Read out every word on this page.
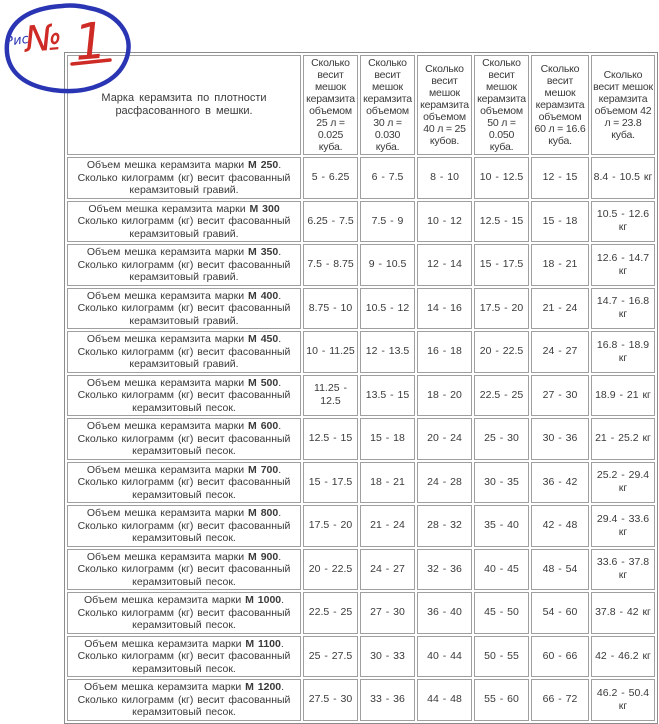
Марка керамзита по плотности расфасованного в мешки.	Сколько весит мешок керамзита объемом 25 л = 0.025 куба.	Сколько весит мешок керамзита объемом 30 л = 0.030 куба.	Сколько весит мешок керамзита объемом 40 л = 25 кубов.	Сколько весит мешок керамзита объемом 50 л = 0.050 куба.	Сколько весит мешок керамзита объемом 60 л = 16.6 куба.	Сколько весит мешок керамзита объемом 42 л = 23.8 куба.
Объем мешка керамзита марки М 250. Сколько килограмм (кг) весит фасованный керамзитовый гравий.	5 - 6.25	6 - 7.5	8 - 10	10 - 12.5	12 - 15	8.4 - 10.5 кг
Объем мешка керамзита марки М 300 Сколько килограмм (кг) весит фасованный керамзитовый гравий.	6.25 - 7.5	7.5 - 9	10 - 12	12.5 - 15	15 - 18	10.5 - 12.6 кг
Объем мешка керамзита марки М 350. Сколько килограмм (кг) весит фасованный керамзитовый гравий.	7.5 - 8.75	9 - 10.5	12 - 14	15 - 17.5	18 - 21	12.6 - 14.7 кг
Объем мешка керамзита марки М 400. Сколько килограмм (кг) весит фасованный керамзитовый гравий.	8.75 - 10	10.5 - 12	14 - 16	17.5 - 20	21 - 24	14.7 - 16.8 кг
Объем мешка керамзита марки М 450. Сколько килограмм (кг) весит фасованный керамзитовый гравий.	10 - 11.25	12 - 13.5	16 - 18	20 - 22.5	24 - 27	16.8 - 18.9 кг
Объем мешка керамзита марки М 500. Сколько килограмм (кг) весит фасованный керамзитовый песок.	11.25 - 12.5	13.5 - 15	18 - 20	22.5 - 25	27 - 30	18.9 - 21 кг
Объем мешка керамзита марки М 600. Сколько килограмм (кг) весит фасованный керамзитовый песок.	12.5 - 15	15 - 18	20 - 24	25 - 30	30 - 36	21 - 25.2 кг
Объем мешка керамзита марки М 700. Сколько килограмм (кг) весит фасованный керамзитовый песок.	15 - 17.5	18 - 21	24 - 28	30 - 35	36 - 42	25.2 - 29.4 кг
Объем мешка керамзита марки М 800. Сколько килограмм (кг) весит фасованный керамзитовый песок.	17.5 - 20	21 - 24	28 - 32	35 - 40	42 - 48	29.4 - 33.6 кг
Объем мешка керамзита марки М 900. Сколько килограмм (кг) весит фасованный керамзитовый песок.	20 - 22.5	24 - 27	32 - 36	40 - 45	48 - 54	33.6 - 37.8 кг
Объем мешка керамзита марки М 1000. Сколько килограмм (кг) весит фасованный керамзитовый песок.	22.5 - 25	27 - 30	36 - 40	45 - 50	54 - 60	37.8 - 42 кг
Объем мешка керамзита марки М 1100. Сколько килограмм (кг) весит фасованный керамзитовый песок.	25 - 27.5	30 - 33	40 - 44	50 - 55	60 - 66	42 - 46.2 кг
Объем мешка керамзита марки М 1200. Сколько килограмм (кг) весит фасованный керамзитовый песок.	27.5 - 30	33 - 36	44 - 48	55 - 60	66 - 72	46.2 - 50.4 кг
Рис
№ 1
